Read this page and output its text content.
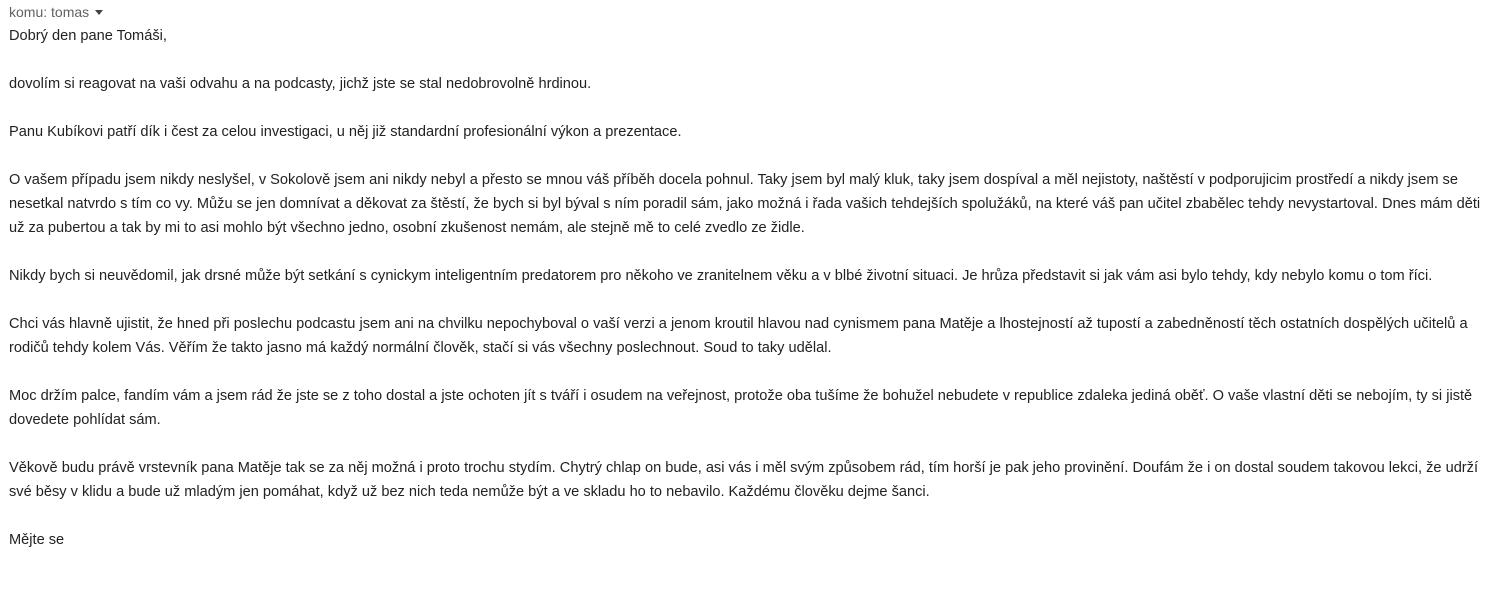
komu: tomas

Dobrý den pane Tomáši,

dovolím si reagovat na vaši odvahu a na podcasty, jichž jste se stal nedobrovolně hrdinou.

Panu Kubíkovi patří dík i čest za celou investigaci, u něj již standardní profesionální výkon a prezentace.

O vašem případu jsem nikdy neslyšel, v Sokolově jsem ani nikdy nebyl a přesto se mnou váš příběh docela pohnul. Taky jsem byl malý kluk, taky jsem dospíval a měl nejistoty, naštěstí v podporujicim prostředí a nikdy jsem se nesetkal natvrdo s tím co vy. Můžu se jen domnívat a děkovat za štěstí, že bych si byl býval s ním poradil sám, jako možná i řada vašich tehdejších spolužáků, na které váš pan učitel zbabělec tehdy nevystartoval. Dnes mám děti už za pubertou a tak by mi to asi mohlo být všechno jedno, osobní zkušenost nemám, ale stejně mě to celé zvedlo ze židle.

Nikdy bych si neuvědomil, jak drsné může být setkání s cynickym inteligentním predatorem pro někoho ve zranitelnem věku a v blbé životní situaci. Je hrůza představit si jak vám asi bylo tehdy, kdy nebylo komu o tom říci.

Chci vás hlavně ujistit, že hned při poslechu podcastu jsem ani na chvilku nepochyboval o vaší verzi a jenom kroutil hlavou nad cynismem pana Matěje a lhostejností až tupostí a zabedněností těch ostatních dospělých učitelů a rodičů tehdy kolem Vás. Věřím že takto jasno má každý normální člověk, stačí si vás všechny poslechnout. Soud to taky udělal.

Moc držím palce, fandím vám a jsem rád že jste se z toho dostal a jste ochoten jít s tváří i osudem na veřejnost, protože oba tušíme že bohužel nebudete v republice zdaleka jediná oběť. O vaše vlastní děti se nebojím, ty si jistě dovedete pohlídat sám.

Věkově budu právě vrstevník pana Matěje tak se za něj možná i proto trochu stydím. Chytrý chlap on bude, asi vás i měl svým způsobem rád, tím horší je pak jeho provinění. Doufám že i on dostal soudem takovou lekci, že udrží své běsy v klidu a bude už mladým jen pomáhat, když už bez nich teda nemůže být a ve skladu ho to nebavilo. Každému člověku dejme šanci.

Mějte se
